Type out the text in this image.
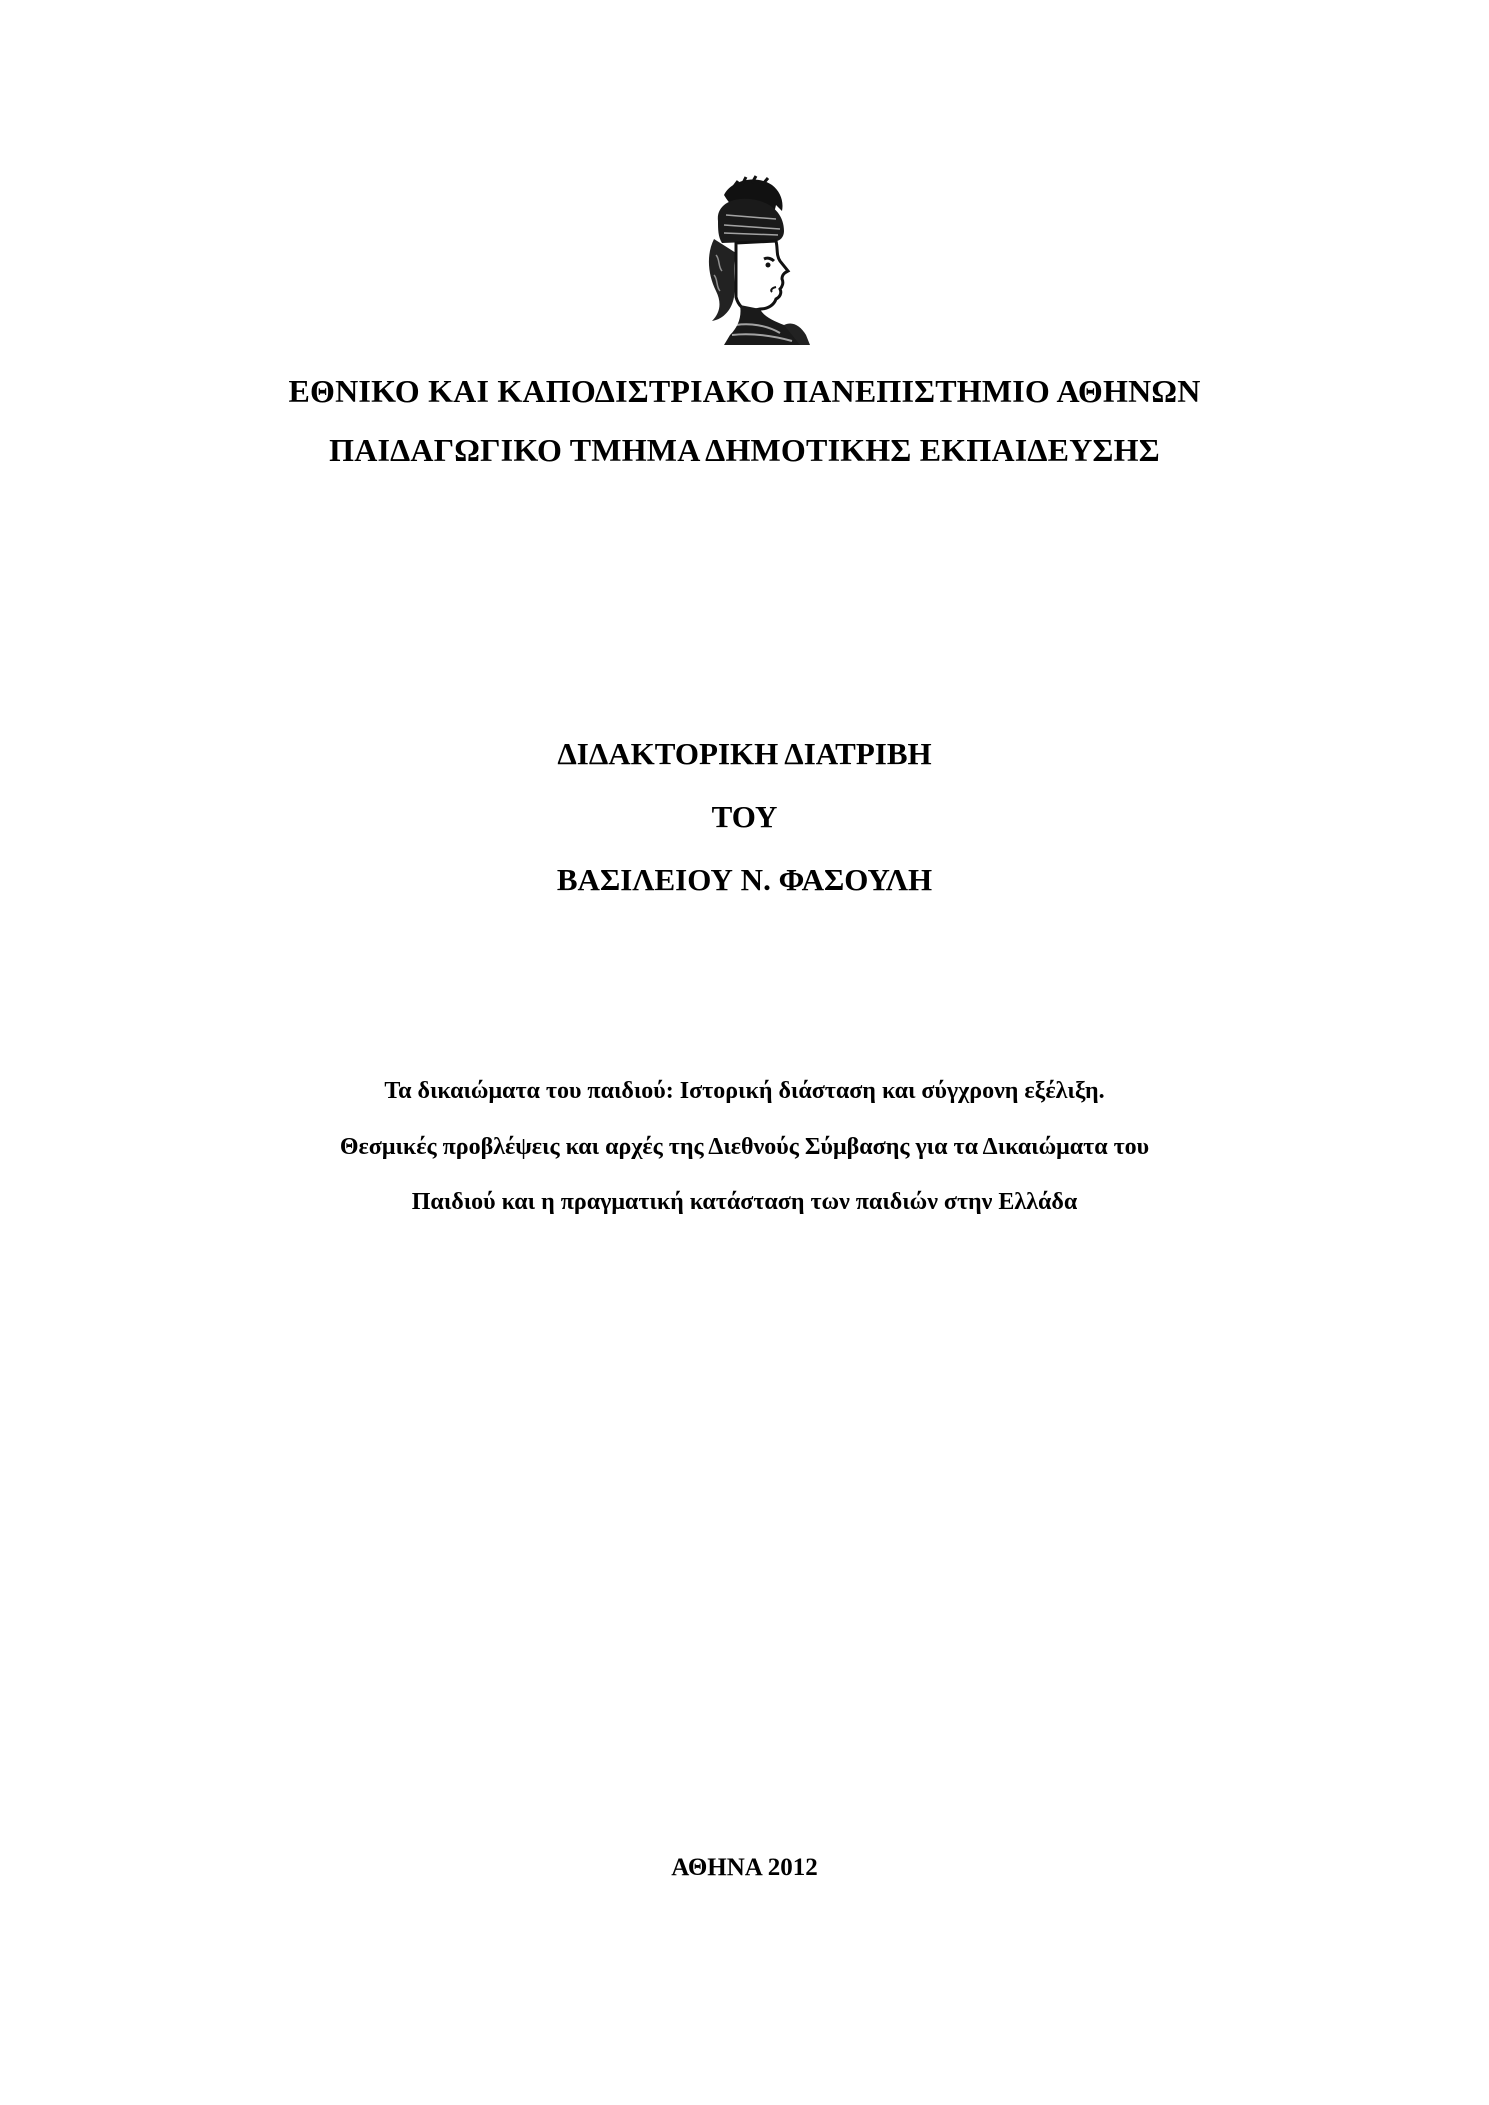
ΕΘΝΙΚΟ ΚΑΙ ΚΑΠΟΔΙΣΤΡΙΑΚΟ ΠΑΝΕΠΙΣΤΗΜΙΟ ΑΘΗΝΩΝ
ΠΑΙΔΑΓΩΓΙΚΟ ΤΜΗΜΑ ΔΗΜΟΤΙΚΗΣ ΕΚΠΑΙΔΕΥΣΗΣ
ΔΙΔΑΚΤΟΡΙΚΗ ΔΙΑΤΡΙΒΗ
ΤΟΥ
ΒΑΣΙΛΕΙΟΥ Ν. ΦΑΣΟΥΛΗ
Τα δικαιώματα του παιδιού: Ιστορική διάσταση και σύγχρονη εξέλιξη.
Θεσμικές προβλέψεις και αρχές της Διεθνούς Σύμβασης για τα Δικαιώματα του
Παιδιού και η πραγματική κατάσταση των παιδιών στην Ελλάδα
ΑΘΗΝΑ 2012
